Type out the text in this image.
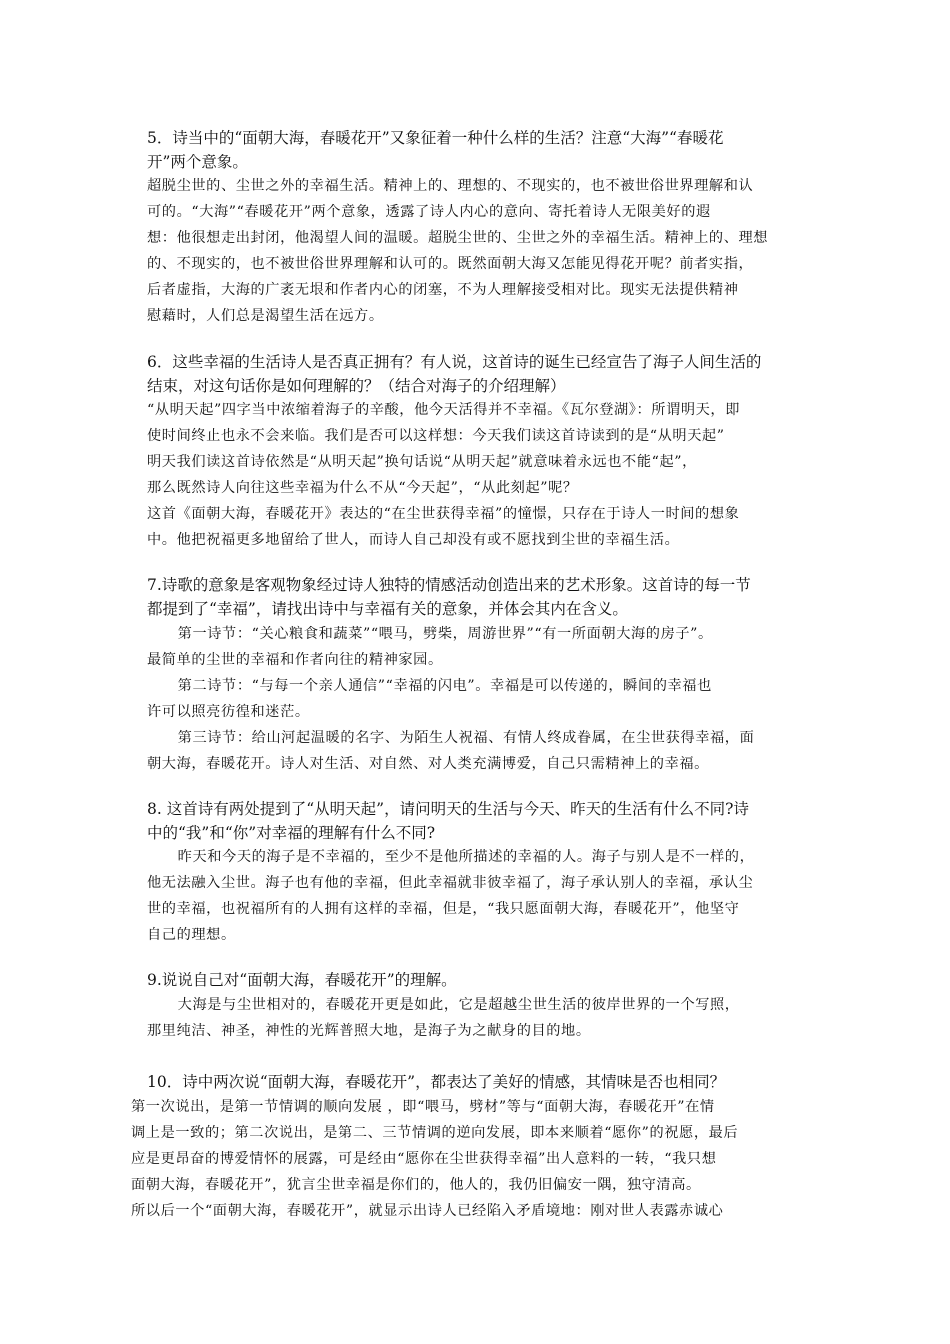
5．诗当中的“面朝大海，春暖花开”又象征着一种什么样的生活？注意“大海”“春暖花
开”两个意象。

超脱尘世的、尘世之外的幸福生活。精神上的、理想的、不现实的，也不被世俗世界理解和认
可的。“大海”“春暖花开”两个意象，透露了诗人内心的意向、寄托着诗人无限美好的遐
想：他很想走出封闭，他渴望人间的温暖。超脱尘世的、尘世之外的幸福生活。精神上的、理想
的、不现实的，也不被世俗世界理解和认可的。既然面朝大海又怎能见得花开呢？前者实指，
后者虚指，大海的广袤无垠和作者内心的闭塞，不为人理解接受相对比。现实无法提供精神
慰藉时，人们总是渴望生活在远方。

6．这些幸福的生活诗人是否真正拥有？有人说，这首诗的诞生已经宣告了海子人间生活的
结束，对这句话你是如何理解的？（结合对海子的介绍理解）

“从明天起”四字当中浓缩着海子的辛酸，他今天活得并不幸福。《瓦尔登湖》：所谓明天，即
使时间终止也永不会来临。我们是否可以这样想：今天我们读这首诗读到的是“从明天起”
明天我们读这首诗依然是“从明天起”换句话说“从明天起”就意味着永远也不能“起”，
那么既然诗人向往这些幸福为什么不从“今天起”，“从此刻起”呢？
这首《面朝大海，春暖花开》表达的“在尘世获得幸福”的憧憬，只存在于诗人一时间的想象
中。他把祝福更多地留给了世人，而诗人自己却没有或不愿找到尘世的幸福生活。

7.诗歌的意象是客观物象经过诗人独特的情感活动创造出来的艺术形象。这首诗的每一节
都提到了“幸福”，请找出诗中与幸福有关的意象，并体会其内在含义。

第一诗节：“关心粮食和蔬菜”“喂马，劈柴，周游世界”“有一所面朝大海的房子”。
最简单的尘世的幸福和作者向往的精神家园。
第二诗节：“与每一个亲人通信”“幸福的闪电”。幸福是可以传递的，瞬间的幸福也
许可以照亮彷徨和迷茫。
第三诗节：给山河起温暖的名字、为陌生人祝福、有情人终成眷属，在尘世获得幸福，面
朝大海，春暖花开。诗人对生活、对自然、对人类充满博爱，自己只需精神上的幸福。

8. 这首诗有两处提到了“从明天起”，请问明天的生活与今天、昨天的生活有什么不同?诗
中的“我”和“你”对幸福的理解有什么不同?

昨天和今天的海子是不幸福的，至少不是他所描述的幸福的人。海子与别人是不一样的，
他无法融入尘世。海子也有他的幸福，但此幸福就非彼幸福了，海子承认别人的幸福，承认尘
世的幸福，也祝福所有的人拥有这样的幸福，但是，“我只愿面朝大海，春暖花开”，他坚守
自己的理想。

9.说说自己对“面朝大海，春暖花开”的理解。

大海是与尘世相对的，春暖花开更是如此，它是超越尘世生活的彼岸世界的一个写照，
那里纯洁、神圣，神性的光辉普照大地，是海子为之献身的目的地。

10．诗中两次说“面朝大海，春暖花开”，都表达了美好的情感，其情味是否也相同？

第一次说出，是第一节情调的顺向发展 ，即“喂马，劈材”等与“面朝大海，春暖花开”在情
调上是一致的；第二次说出，是第二、三节情调的逆向发展，即本来顺着“愿你”的祝愿，最后
应是更昂奋的博爱情怀的展露，可是经由“愿你在尘世获得幸福”出人意料的一转，“我只想
面朝大海，春暖花开”，犹言尘世幸福是你们的，他人的，我仍旧偏安一隅，独守清高。
所以后一个“面朝大海，春暖花开”，就显示出诗人已经陷入矛盾境地：刚对世人表露赤诚心
